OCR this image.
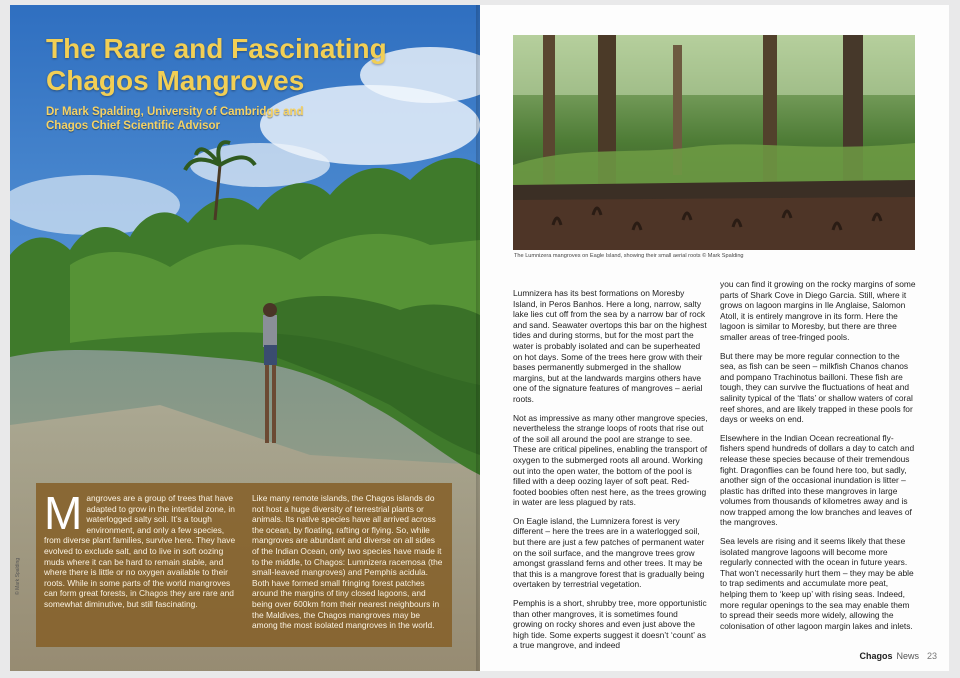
The Rare and Fascinating Chagos Mangroves
Dr Mark Spalding, University of Cambridge and Chagos Chief Scientific Advisor
M angroves are a group of trees that have adapted to grow in the intertidal zone, in waterlogged salty soil. It’s a tough environment, and only a few species, from diverse plant families, survive here. They have evolved to exclude salt, and to live in soft oozing muds where it can be hard to remain stable, and where there is little or no oxygen available to their roots. While in some parts of the world mangroves can form great forests, in Chagos they are rare and somewhat diminutive, but still fascinating.

Like many remote islands, the Chagos islands do not host a huge diversity of terrestrial plants or animals. Its native species have all arrived across the ocean, by floating, rafting or flying. So, while mangroves are abundant and diverse on all sides of the Indian Ocean, only two species have made it to the middle, to Chagos: Lumnizera racemosa (the small-leaved mangroves) and Pemphis acidula. Both have formed small fringing forest patches around the margins of tiny closed lagoons, and being over 600km from their nearest neighbours in the Maldives, the Chagos mangroves may be among the most isolated mangroves in the world.

© Mark Spalding
The Lumnizera mangroves on Eagle Island, showing their small aerial roots © Mark Spalding

Lumnizera has its best formations on Moresby Island, in Peros Banhos. Here a long, narrow, salty lake lies cut off from the sea by a narrow bar of rock and sand. Seawater overtops this bar on the highest tides and during storms, but for the most part the water is probably isolated and can be superheated on hot days. Some of the trees here grow with their bases permanently submerged in the shallow margins, but at the landwards margins others have one of the signature features of mangroves – aerial roots.

Not as impressive as many other mangrove species, nevertheless the strange loops of roots that rise out of the soil all around the pool are strange to see. These are critical pipelines, enabling the transport of oxygen to the submerged roots all around. Working out into the open water, the bottom of the pool is filled with a deep oozing layer of soft peat. Red-footed boobies often nest here, as the trees growing in water are less plagued by rats.

On Eagle island, the Lumnizera forest is very different – here the trees are in a waterlogged soil, but there are just a few patches of permanent water on the soil surface, and the mangrove trees grow amongst grassland ferns and other trees. It may be that this is a mangrove forest that is gradually being overtaken by terrestrial vegetation.

Pemphis is a short, shrubby tree, more opportunistic than other mangroves, it is sometimes found growing on rocky shores and even just above the high tide. Some experts suggest it doesn’t ‘count’ as a true mangrove, and indeed

you can find it growing on the rocky margins of some parts of Shark Cove in Diego Garcia. Still, where it grows on lagoon margins in Ile Anglaise, Salomon Atoll, it is entirely mangrove in its form. Here the lagoon is similar to Moresby, but there are three smaller areas of tree-fringed pools.

But there may be more regular connection to the sea, as fish can be seen – milkfish Chanos chanos and pompano Trachinotus bailloni. These fish are tough, they can survive the fluctuations of heat and salinity typical of the ‘flats’ or shallow waters of coral reef shores, and are likely trapped in these pools for days or weeks on end.

Elsewhere in the Indian Ocean recreational fly-fishers spend hundreds of dollars a day to catch and release these species because of their tremendous fight. Dragonflies can be found here too, but sadly, another sign of the occasional inundation is litter – plastic has drifted into these mangroves in large volumes from thousands of kilometres away and is now trapped among the low branches and leaves of the mangroves.

Sea levels are rising and it seems likely that these isolated mangrove lagoons will become more regularly connected with the ocean in future years. That won’t necessarily hurt them – they may be able to trap sediments and accumulate more peat, helping them to ‘keep up’ with rising seas. Indeed, more regular openings to the sea may enable them to spread their seeds more widely, allowing the colonisation of other lagoon margin lakes and inlets.

Chagos News 23
